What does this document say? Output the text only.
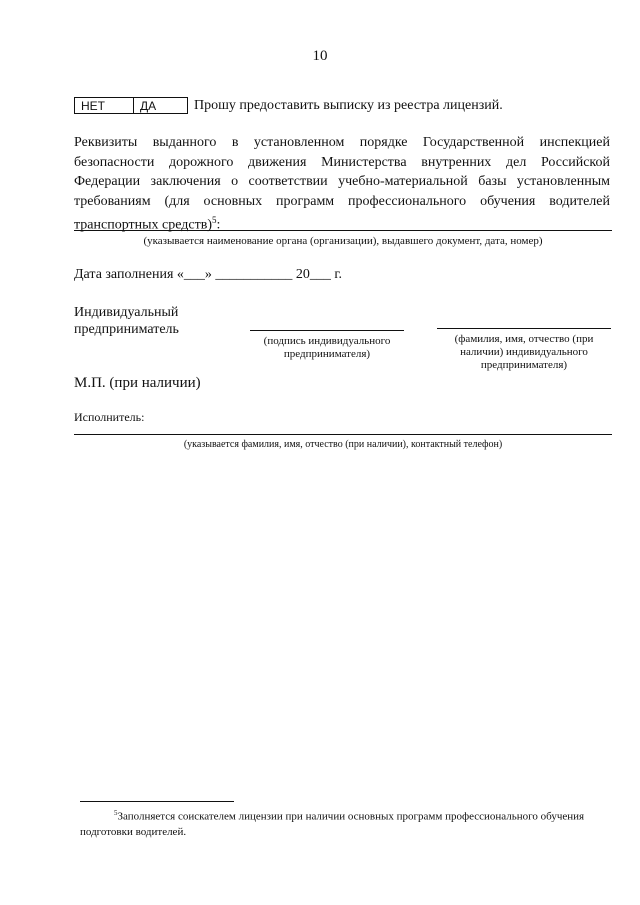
10
НЕТ	ДА	Прошу предоставить выписку из реестра лицензий.
Реквизиты выданного в установленном порядке Государственной инспекцией безопасности дорожного движения Министерства внутренних дел Российской Федерации заключения о соответствии учебно-материальной базы установленным требованиям (для основных программ профессионального обучения водителей транспортных средств)$^5$:
(указывается наименование органа (организации), выдавшего документ, дата, номер)
Дата заполнения «___» ___________ 20___ г.
Индивидуальный
предприниматель
(подпись индивидуального предпринимателя)
(фамилия, имя, отчество (при наличии) индивидуального предпринимателя)
М.П. (при наличии)
Исполнитель:
(указывается фамилия, имя, отчество (при наличии), контактный телефон)
$^5$Заполняется соискателем лицензии при наличии основных программ профессионального обучения подготовки водителей.
